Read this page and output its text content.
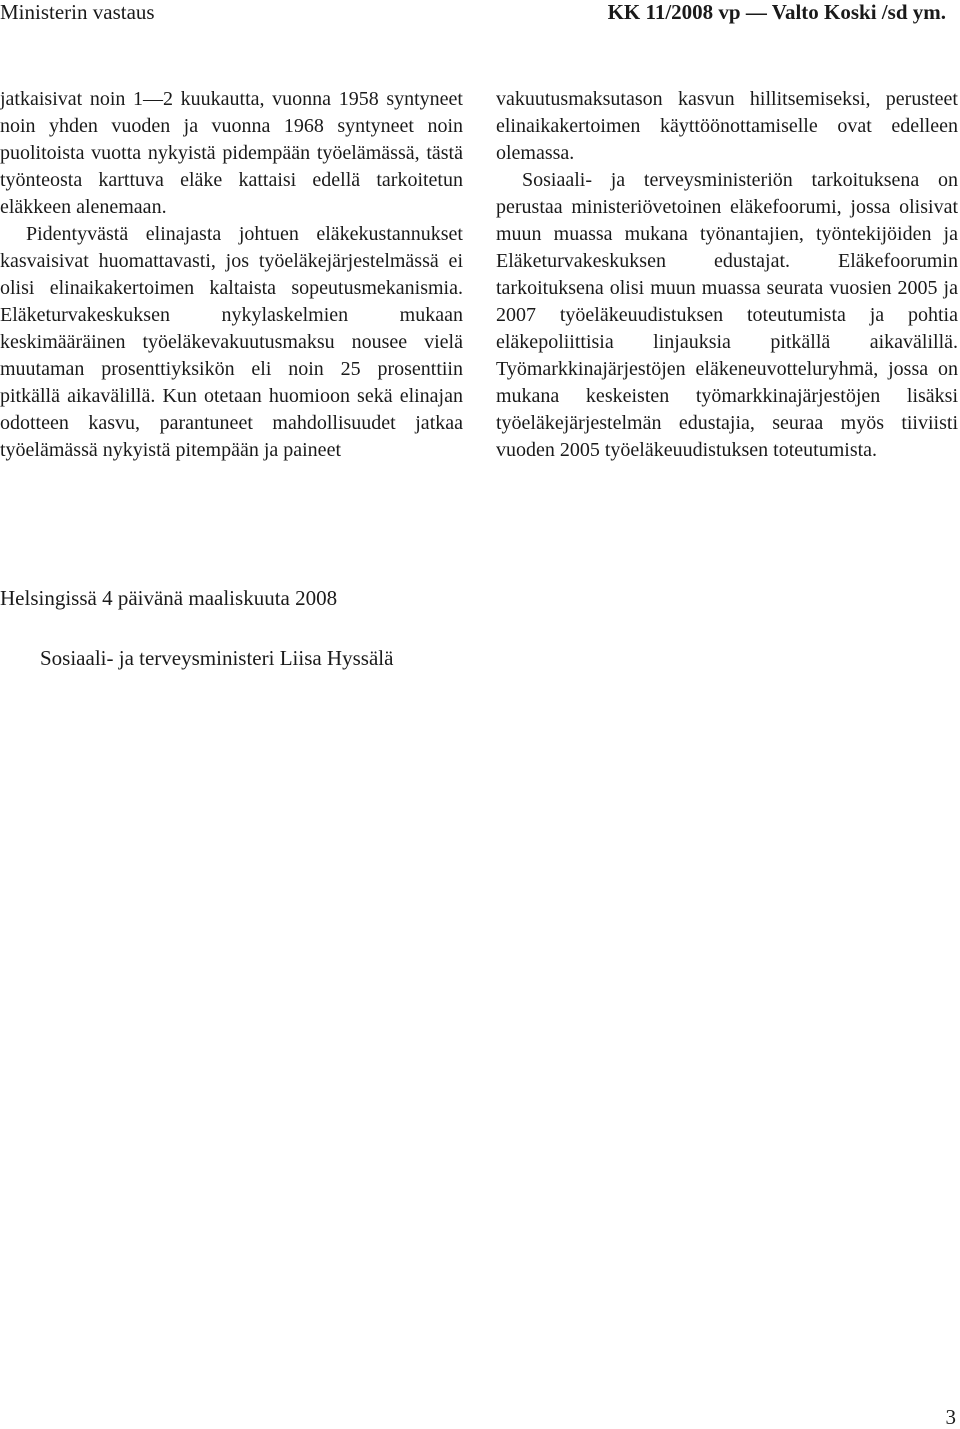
Ministerin vastaus	KK 11/2008 vp — Valto Koski /sd ym.

jatkaisivat noin 1—2 kuukautta, vuonna 1958 syntyneet noin yhden vuoden ja vuonna 1968 syntyneet noin puolitoista vuotta nykyistä pidempään työelämässä, tästä työnteosta karttuva eläke kattaisi edellä tarkoitetun eläkkeen alenemaan.

Pidentyvästä elinajasta johtuen eläkekustannukset kasvaisivat huomattavasti, jos työeläkejärjestelmässä ei olisi elinaikakertoimen kaltaista sopeutusmekanismia. Eläketurvakeskuksen nykylaskelmien mukaan keskimääräinen työeläkevakuutusmaksu nousee vielä muutaman prosenttiyksikön eli noin 25 prosenttiin pitkällä aikavälillä. Kun otetaan huomioon sekä elinajan odotteen kasvu, parantuneet mahdollisuudet jatkaa työelämässä nykyistä pitempään ja paineet

vakuutusmaksutason kasvun hillitsemiseksi, perusteet elinaikakertoimen käyttöönottamiselle ovat edelleen olemassa.

Sosiaali- ja terveysministeriön tarkoituksena on perustaa ministeriövetoinen eläkefoorumi, jossa olisivat muun muassa mukana työnantajien, työntekijöiden ja Eläketurvakeskuksen edustajat. Eläkefoorumin tarkoituksena olisi muun muassa seurata vuosien 2005 ja 2007 työeläkeuudistuksen toteutumista ja pohtia eläkepoliittisia linjauksia pitkällä aikavälillä. Työmarkkinajärjestöjen eläkeneuvotteluryhmä, jossa on mukana keskeisten työmarkkinajärjestöjen lisäksi työeläkejärjestelmän edustajia, seuraa myös tiiviisti vuoden 2005 työeläkeuudistuksen toteutumista.

Helsingissä 4 päivänä maaliskuuta 2008
Sosiaali- ja terveysministeri Liisa Hyssälä
3
